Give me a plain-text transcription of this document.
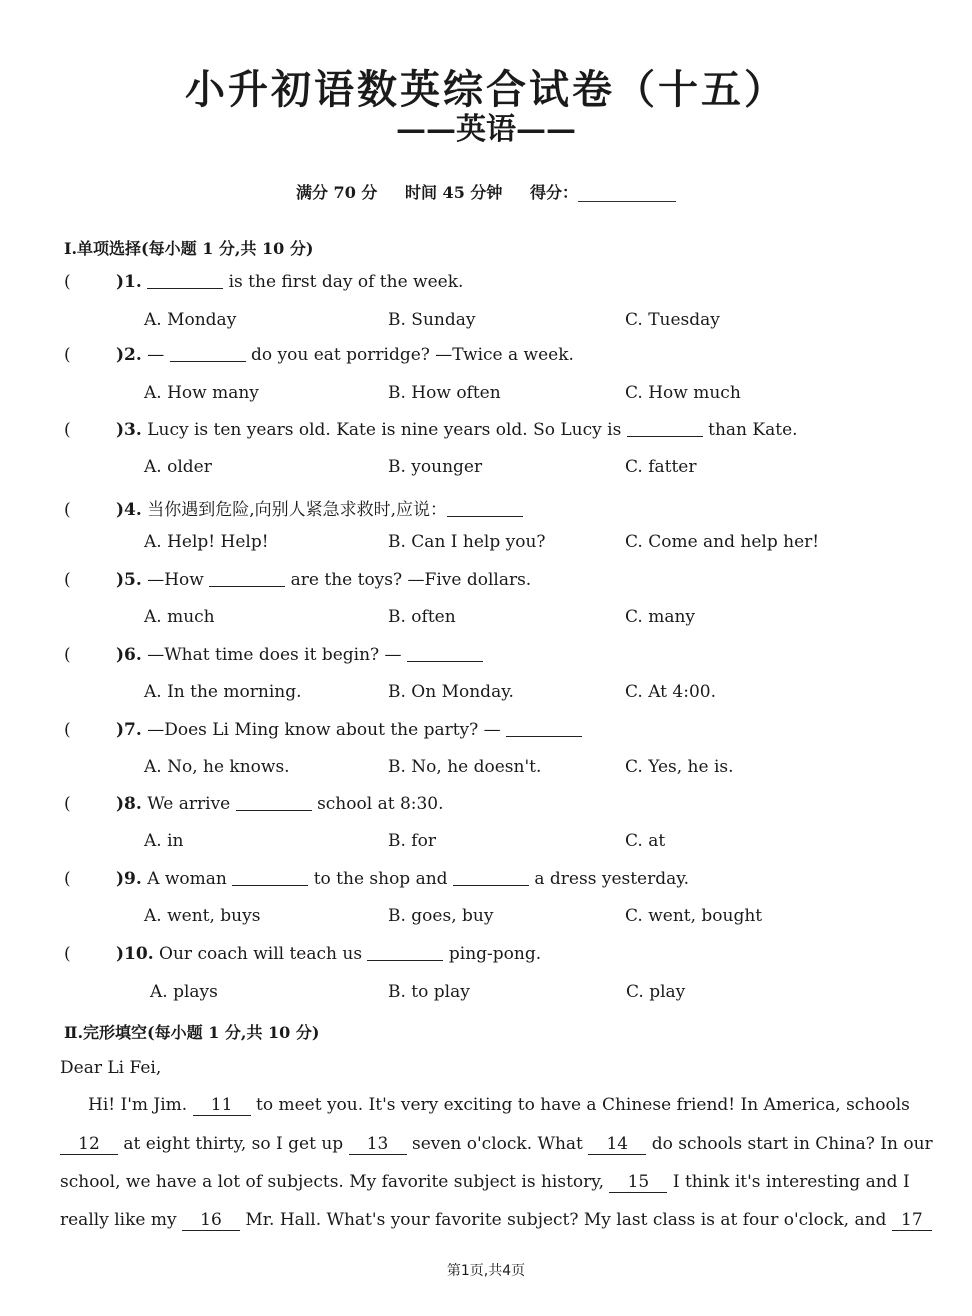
小升初语数英综合试卷（十五）
——英语——
满分 70 分 时间 45 分钟 得分：
Ⅰ.单项选择(每小题 1 分,共 10 分)
(	)1.	is the first day of the week.
A. Monday	B. Sunday	C. Tuesday
(	)2. —	do you eat porridge? —Twice a week.
A. How many	B. How often	C. How much
(	)3. Lucy is ten years old. Kate is nine years old. So Lucy is	than Kate.
A. older	B. younger	C. fatter
(	)4. 当你遇到危险,向别人紧急求救时,应说：
A. Help! Help!	B. Can I help you?	C. Come and help her!
(	)5. —How	are the toys? —Five dollars.
A. much	B. often	C. many
(	)6. —What time does it begin? —
A. In the morning.	B. On Monday.	C. At 4:00.
(	)7. —Does Li Ming know about the party? —
A. No, he knows.	B. No, he doesn't.	C. Yes, he is.
(	)8. We arrive	school at 8:30.
A. in	B. for	C. at
(	)9. A woman	to the shop and	a dress yesterday.
A. went, buys	B. goes, buy	C. went, bought
(	)10. Our coach will teach us	ping-pong.
A. plays	B. to play	C. play
Ⅱ.完形填空(每小题 1 分,共 10 分)
Dear Li Fei,
Hi! I'm Jim. 11 to meet you. It's very exciting to have a Chinese friend! In America, schools
12 at eight thirty, so I get up 13 seven o'clock. What 14 do schools start in China? In our
school, we have a lot of subjects. My favorite subject is history, 15 I think it's interesting and I
really like my 16 Mr. Hall. What's your favorite subject? My last class is at four o'clock, and 17
第1页,共4页
